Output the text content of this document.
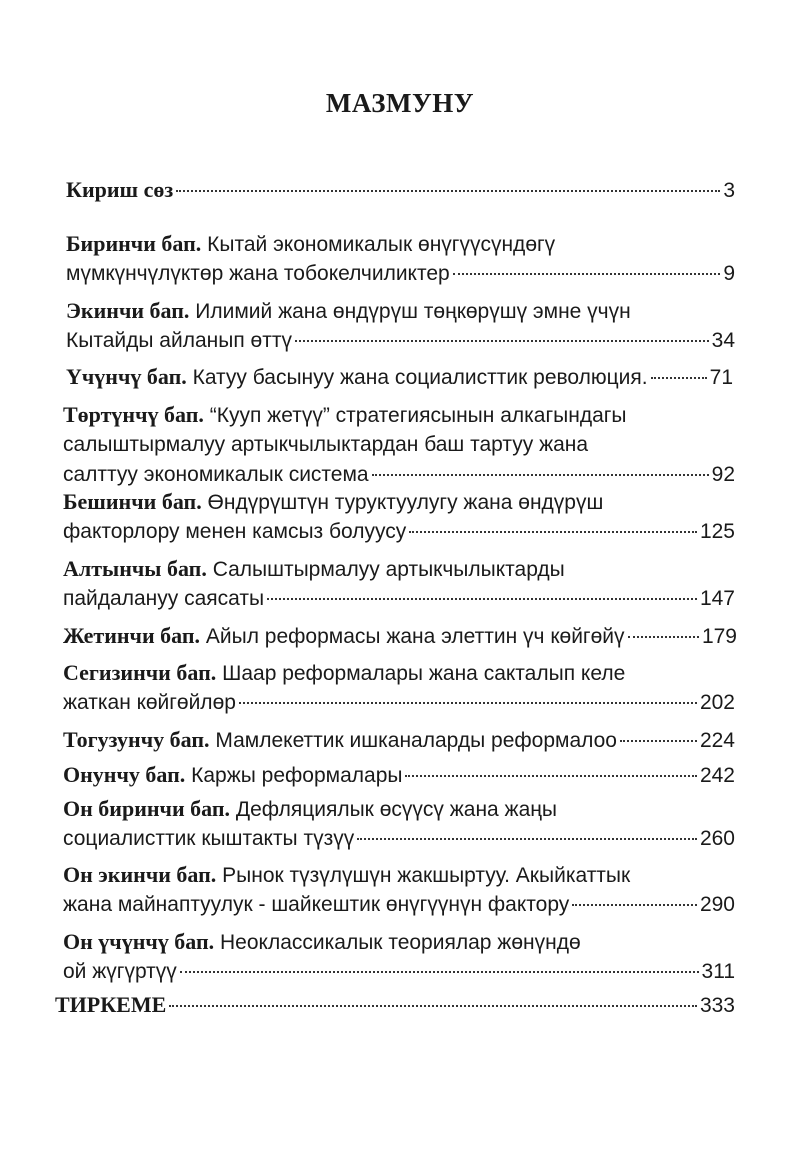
МАЗМУНУ
Кириш сөз	3
Биринчи бап. Кытай экономикалык өнүгүүсүндөгү
мүмкүнчүлүктөр жана тобокелчиликтер	9
Экинчи бап. Илимий жана өндүрүш төңкөрүшү эмне үчүн
Кытайды айланып өттү	34
Үчүнчү бап. Катуу басынуу жана социалисттик революция.	71
Төртүнчү бап. “Кууп жетүү” стратегиясынын алкагындагы
салыштырмалуу артыкчылыктардан баш тартуу жана
салттуу экономикалык система	92
Бешинчи бап. Өндүрүштүн туруктуулугу жана өндүрүш
факторлору менен камсыз болуусу	125
Алтынчы бап. Салыштырмалуу артыкчылыктарды
пайдалануу саясаты	147
Жетинчи бап. Айыл реформасы жана элеттин үч көйгөйү	179
Сегизинчи бап. Шаар реформалары жана сакталып келе
жаткан көйгөйлөр	202
Тогузунчу бап. Мамлекеттик ишканаларды реформалоо	224
Онунчу бап. Каржы реформалары	242
Он биринчи бап. Дефляциялык өсүүсү жана жаңы
социалисттик кыштакты түзүү	260
Он экинчи бап. Рынок түзүлүшүн жакшыртуу. Акыйкаттык
жана майнаптуулук - шайкештик өнүгүүнүн фактору	290
Он үчүнчү бап. Неоклассикалык теориялар жөнүндө
ой жүгүртүү	311
ТИРКЕМЕ	333
